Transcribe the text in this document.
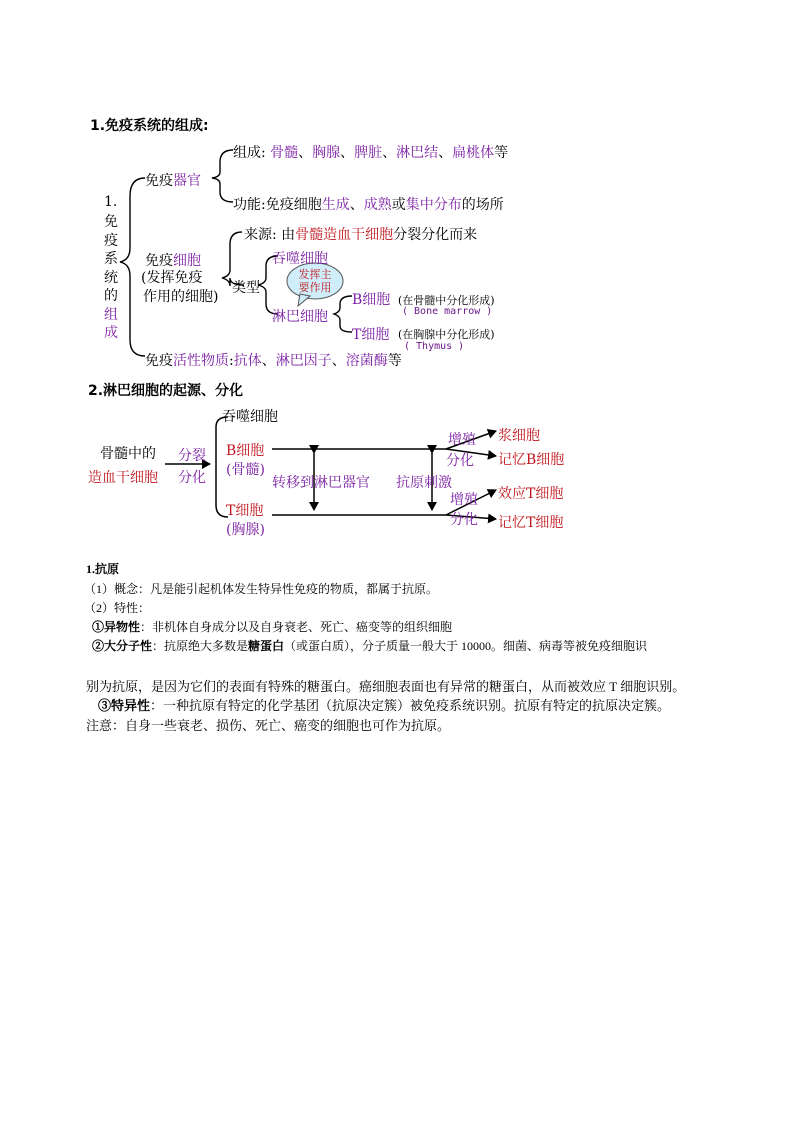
1.免疫系统的组成:
1.
免
疫
系
统
的
组
成
免疫器官
组成: 骨髓、胸腺、脾脏、淋巴结、扁桃体等
功能:免疫细胞生成、成熟或集中分布的场所
免疫细胞
(发挥免疫
作用的细胞)
来源: 由骨髓造血干细胞分裂分化而来
类型
吞噬细胞
淋巴细胞
发挥主要作用
B细胞 (在骨髓中分化形成)
( Bone marrow )
T细胞 (在胸腺中分化形成)
( Thymus )
免疫活性物质:抗体、淋巴因子、溶菌酶等
2.淋巴细胞的起源、分化
骨髓中的
造血干细胞
分裂
分化
吞噬细胞
B细胞
(骨髓)
T细胞
(胸腺)
转移到淋巴器官 抗原刺激
增殖
分化
增殖
分化
浆细胞
记忆B细胞
效应T细胞
记忆T细胞
1.抗原
（1）概念：凡是能引起机体发生特异性免疫的物质，都属于抗原。
（2）特性：
①异物性：非机体自身成分以及自身衰老、死亡、癌变等的组织细胞
②大分子性：抗原绝大多数是糖蛋白（或蛋白质），分子质量一般大于 10000。细菌、病毒等被免疫细胞识
别为抗原，是因为它们的表面有特殊的糖蛋白。癌细胞表面也有异常的糖蛋白，从而被效应 T 细胞识别。
③特异性：一种抗原有特定的化学基团（抗原决定簇）被免疫系统识别。抗原有特定的抗原决定簇。
注意：自身一些衰老、损伤、死亡、癌变的细胞也可作为抗原。
